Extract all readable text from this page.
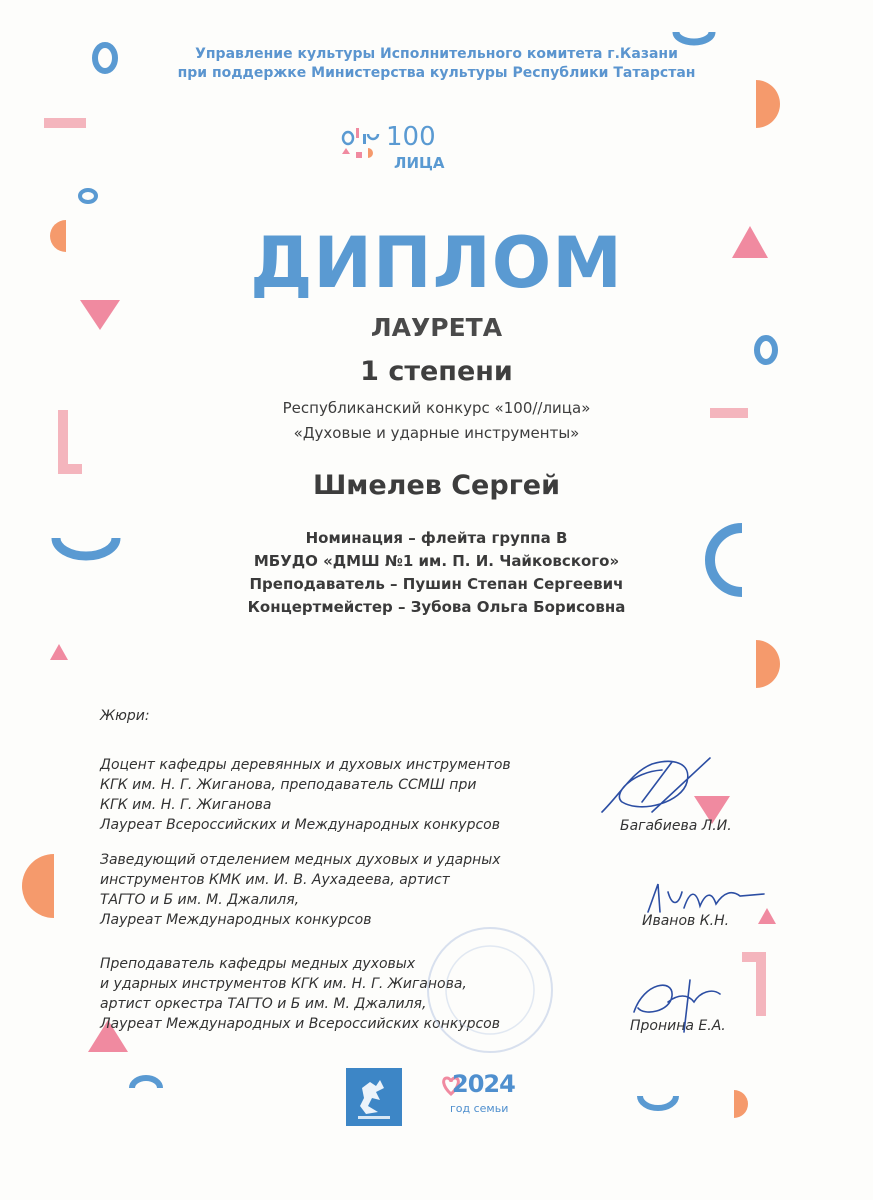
Управление культуры Исполнительного комитета г.Казани
при поддержке Министерства культуры Республики Татарстан
100
ЛИЦА
ДИПЛОМ
ЛАУРЕТА
1 степени
Республиканский конкурс «100//лица»
«Духовые и ударные инструменты»
Шмелев Сергей
Номинация – флейта группа В
МБУДО «ДМШ №1 им. П. И. Чайковского»
Преподаватель – Пушин Степан Сергеевич
Концертмейстер – Зубова Ольга Борисовна
Жюри:
Доцент кафедры деревянных и духовых инструментов
КГК им. Н. Г. Жиганова, преподаватель ССМШ при
КГК им. Н. Г. Жиганова
Лауреат Всероссийских и Международных конкурсов	Багабиева Л.И.
Заведующий отделением медных духовых и ударных
инструментов КМК им. И. В. Аухадеева, артист
ТАГТО и Б им. М. Джалиля,
Лауреат Международных конкурсов	Иванов К.Н.
Преподаватель кафедры медных духовых
и ударных инструментов КГК им. Н. Г. Жиганова,
артист оркестра ТАГТО и Б им. М. Джалиля,
Лауреат Международных и Всероссийских конкурсов	Пронина Е.А.
2024
год семьи
